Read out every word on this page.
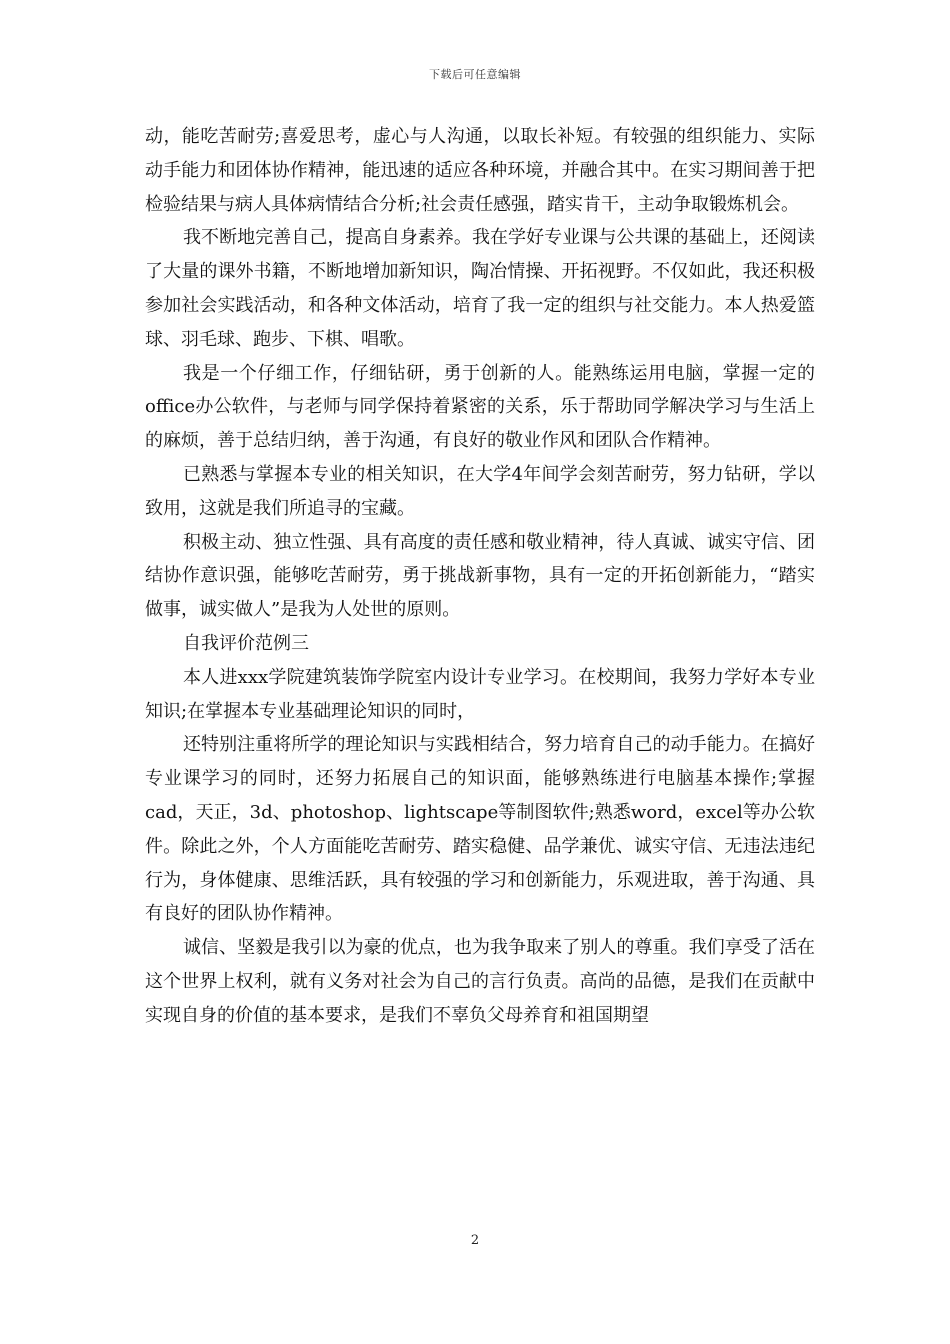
下载后可任意编辑

动，能吃苦耐劳;喜爱思考，虚心与人沟通，以取长补短。有较强的组织能力、实际动手能力和团体协作精神，能迅速的适应各种环境，并融合其中。在实习期间善于把检验结果与病人具体病情结合分析;社会责任感强，踏实肯干，主动争取锻炼机会。

我不断地完善自己，提高自身素养。我在学好专业课与公共课的基础上，还阅读了大量的课外书籍，不断地增加新知识，陶冶情操、开拓视野。不仅如此，我还积极参加社会实践活动，和各种文体活动，培育了我一定的组织与社交能力。本人热爱篮球、羽毛球、跑步、下棋、唱歌。

我是一个仔细工作，仔细钻研，勇于创新的人。能熟练运用电脑，掌握一定的office办公软件，与老师与同学保持着紧密的关系，乐于帮助同学解决学习与生活上的麻烦，善于总结归纳，善于沟通，有良好的敬业作风和团队合作精神。

已熟悉与掌握本专业的相关知识，在大学4年间学会刻苦耐劳，努力钻研，学以致用，这就是我们所追寻的宝藏。

积极主动、独立性强、具有高度的责任感和敬业精神，待人真诚、诚实守信、团结协作意识强，能够吃苦耐劳，勇于挑战新事物，具有一定的开拓创新能力，“踏实做事，诚实做人”是我为人处世的原则。

自我评价范例三

本人进xxx学院建筑装饰学院室内设计专业学习。在校期间，我努力学好本专业知识;在掌握本专业基础理论知识的同时，

还特别注重将所学的理论知识与实践相结合，努力培育自己的动手能力。在搞好专业课学习的同时，还努力拓展自己的知识面，能够熟练进行电脑基本操作;掌握cad，天正，3d、photoshop、lightscape等制图软件;熟悉word，excel等办公软件。除此之外，个人方面能吃苦耐劳、踏实稳健、品学兼优、诚实守信、无违法违纪行为，身体健康、思维活跃，具有较强的学习和创新能力，乐观进取，善于沟通、具有良好的团队协作精神。

诚信、坚毅是我引以为豪的优点，也为我争取来了别人的尊重。我们享受了活在这个世界上权利，就有义务对社会为自己的言行负责。高尚的品德，是我们在贡献中实现自身的价值的基本要求，是我们不辜负父母养育和祖国期望

2
